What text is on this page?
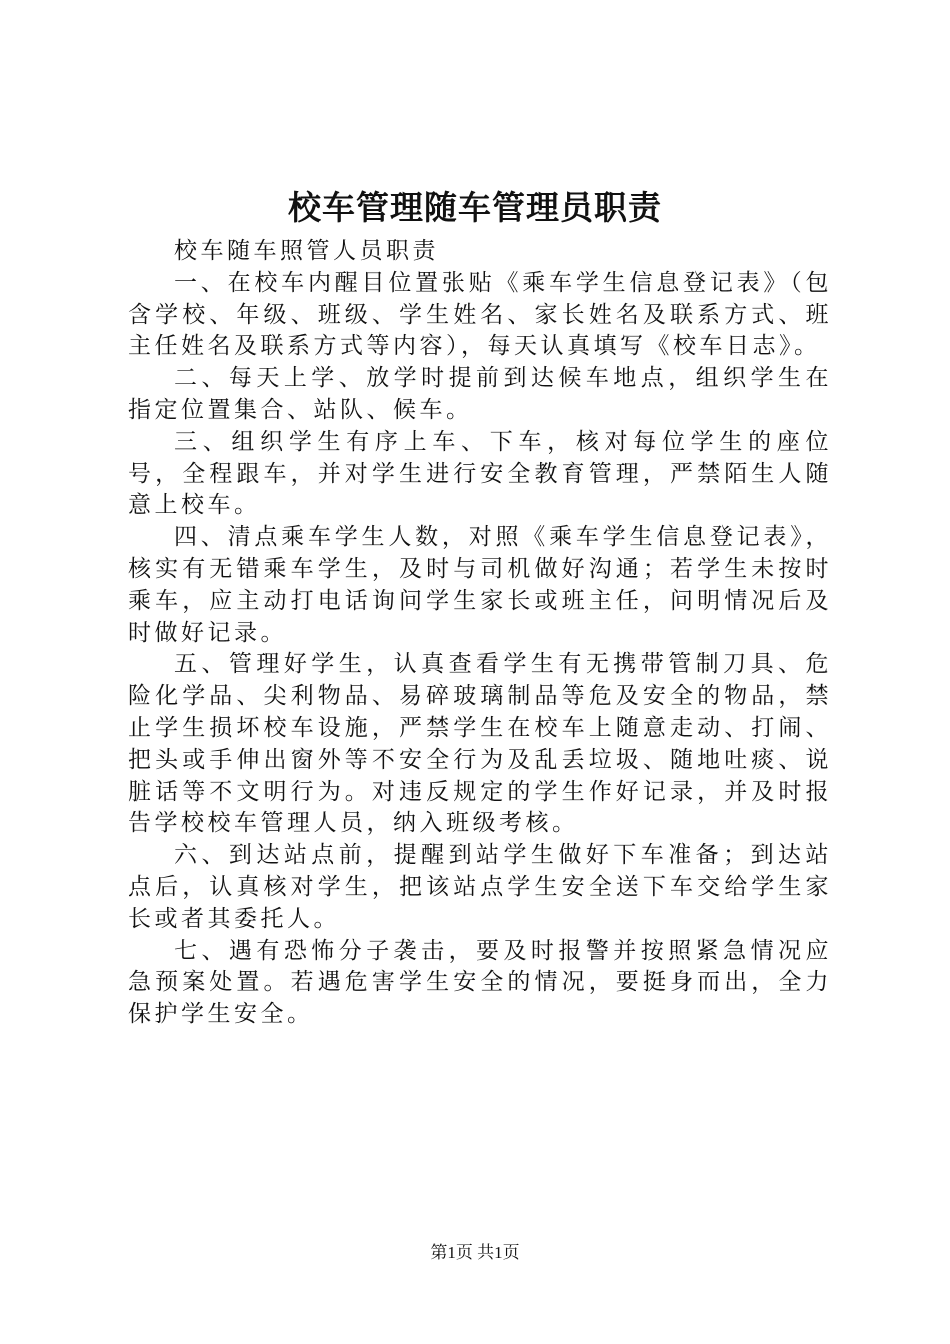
校车管理随车管理员职责

校车随车照管人员职责

一、在校车内醒目位置张贴《乘车学生信息登记表》（包含学校、年级、班级、学生姓名、家长姓名及联系方式、班主任姓名及联系方式等内容），每天认真填写《校车日志》。

二、每天上学、放学时提前到达候车地点，组织学生在指定位置集合、站队、候车。

三、组织学生有序上车、下车，核对每位学生的座位号，全程跟车，并对学生进行安全教育管理，严禁陌生人随意上校车。

四、清点乘车学生人数，对照《乘车学生信息登记表》，核实有无错乘车学生，及时与司机做好沟通；若学生未按时乘车，应主动打电话询问学生家长或班主任，问明情况后及时做好记录。

五、管理好学生，认真查看学生有无携带管制刀具、危险化学品、尖利物品、易碎玻璃制品等危及安全的物品，禁止学生损坏校车设施，严禁学生在校车上随意走动、打闹、把头或手伸出窗外等不安全行为及乱丢垃圾、随地吐痰、说脏话等不文明行为。对违反规定的学生作好记录，并及时报告学校校车管理人员，纳入班级考核。

六、到达站点前，提醒到站学生做好下车准备；到达站点后，认真核对学生，把该站点学生安全送下车交给学生家长或者其委托人。

七、遇有恐怖分子袭击，要及时报警并按照紧急情况应急预案处置。若遇危害学生安全的情况，要挺身而出，全力保护学生安全。

第1页 共1页
